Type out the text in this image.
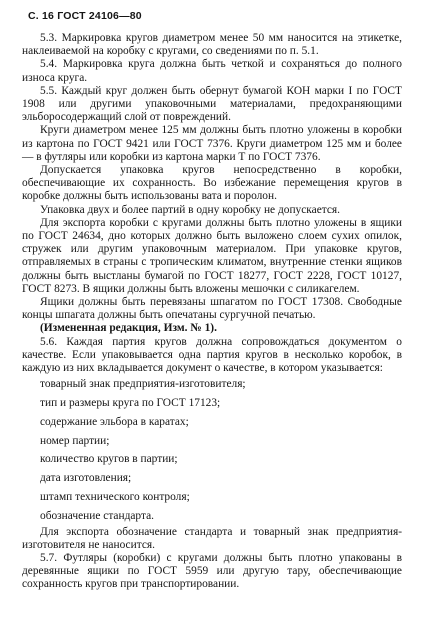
С. 16 ГОСТ 24106—80

5.3. Маркировка кругов диаметром менее 50 мм наносится на этикетке, наклеиваемой на коробку с кругами, со сведениями по п. 5.1.

5.4. Маркировка круга должна быть четкой и сохраняться до полного износа круга.

5.5. Каждый круг должен быть обернут бумагой КОН марки I по ГОСТ 1908 или другими упаковочными материалами, предохраняющими эльборосодержащий слой от повреждений.

Круги диаметром менее 125 мм должны быть плотно уложены в коробки из картона по ГОСТ 9421 или ГОСТ 7376. Круги диаметром 125 мм и более — в футляры или коробки из картона марки Т по ГОСТ 7376.

Допускается упаковка кругов непосредственно в коробки, обеспечивающие их сохранность. Во избежание перемещения кругов в коробке должны быть использованы вата и поролон.

Упаковка двух и более партий в одну коробку не допускается.

Для экспорта коробки с кругами должны быть плотно уложены в ящики по ГОСТ 24634, дно которых должно быть выложено слоем сухих опилок, стружек или другим упаковочным материалом. При упаковке кругов, отправляемых в страны с тропическим климатом, внутренние стенки ящиков должны быть выстланы бумагой по ГОСТ 18277, ГОСТ 2228, ГОСТ 10127, ГОСТ 8273. В ящики должны быть вложены мешочки с силикагелем.

Ящики должны быть перевязаны шпагатом по ГОСТ 17308. Свободные концы шпагата должны быть опечатаны сургучной печатью.

(Измененная редакция, Изм. № 1).

5.6. Каждая партия кругов должна сопровождаться документом о качестве. Если упаковывается одна партия кругов в несколько коробок, в каждую из них вкладывается документ о качестве, в котором указывается:

товарный знак предприятия-изготовителя;

тип и размеры круга по ГОСТ 17123;

содержание эльбора в каратах;

номер партии;

количество кругов в партии;

дата изготовления;

штамп технического контроля;

обозначение стандарта.

Для экспорта обозначение стандарта и товарный знак предприятия-изготовителя не наносится.

5.7. Футляры (коробки) с кругами должны быть плотно упакованы в деревянные ящики по ГОСТ 5959 или другую тару, обеспечивающие сохранность кругов при транспортировании.
